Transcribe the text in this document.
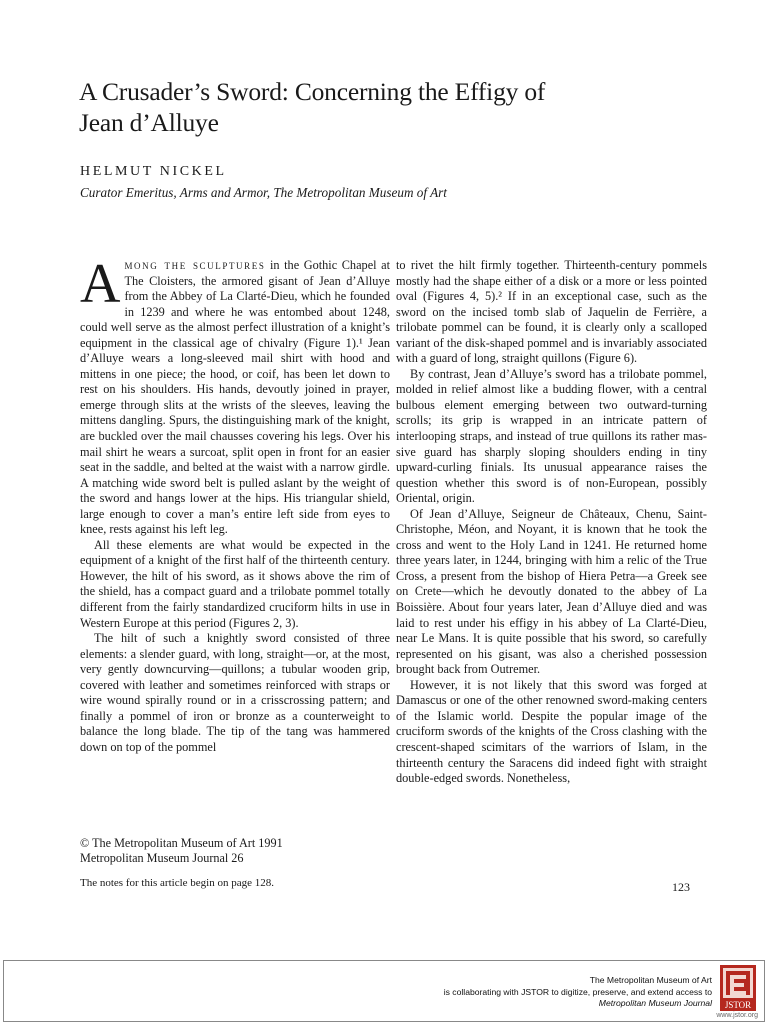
A Crusader’s Sword: Concerning the Effigy of
Jean d’Alluye

HELMUT NICKEL

Curator Emeritus, Arms and Armor, The Metropolitan Museum of Art

Among the sculptures in the Gothic Chapel at The Cloisters, the armored gisant of Jean d’Alluye from the Abbey of La Clarté-Dieu, which he founded in 1239 and where he was entombed about 1248, could well serve as the almost perfect illustration of a knight’s equipment in the classical age of chivalry (Figure 1).¹ Jean d’Alluye wears a long-sleeved mail shirt with hood and mittens in one piece; the hood, or coif, has been let down to rest on his shoulders. His hands, devoutly joined in prayer, emerge through slits at the wrists of the sleeves, leaving the mittens dangling. Spurs, the distinguishing mark of the knight, are buckled over the mail chausses covering his legs. Over his mail shirt he wears a surcoat, split open in front for an easier seat in the saddle, and belted at the waist with a narrow girdle. A matching wide sword belt is pulled aslant by the weight of the sword and hangs lower at the hips. His triangular shield, large enough to cover a man’s entire left side from eyes to knee, rests against his left leg.

All these elements are what would be expected in the equipment of a knight of the first half of the thirteenth century. However, the hilt of his sword, as it shows above the rim of the shield, has a compact guard and a trilobate pommel totally different from the fairly standardized cruciform hilts in use in Western Europe at this period (Figures 2, 3).

The hilt of such a knightly sword consisted of three elements: a slender guard, with long, straight—or, at the most, very gently downcurving—quillons; a tubular wooden grip, covered with leather and sometimes reinforced with straps or wire wound spirally round or in a crisscrossing pattern; and finally a pommel of iron or bronze as a counterweight to balance the long blade. The tip of the tang was hammered down on top of the pommel

to rivet the hilt firmly together. Thirteenth-century pommels mostly had the shape either of a disk or a more or less pointed oval (Figures 4, 5).² If in an exceptional case, such as the sword on the incised tomb slab of Jaquelin de Ferrière, a trilobate pommel can be found, it is clearly only a scalloped variant of the disk-shaped pommel and is invariably associated with a guard of long, straight quillons (Figure 6).

By contrast, Jean d’Alluye’s sword has a trilobate pommel, molded in relief almost like a budding flower, with a central bulbous element emerging between two outward-turning scrolls; its grip is wrapped in an intricate pattern of interlooping straps, and instead of true quillons its rather massive guard has sharply sloping shoulders ending in tiny upward-curling finials. Its unusual appearance raises the question whether this sword is of non-European, possibly Oriental, origin.

Of Jean d’Alluye, Seigneur de Châteaux, Chenu, Saint-Christophe, Méon, and Noyant, it is known that he took the cross and went to the Holy Land in 1241. He returned home three years later, in 1244, bringing with him a relic of the True Cross, a present from the bishop of Hiera Petra—a Greek see on Crete—which he devoutly donated to the abbey of La Boissière. About four years later, Jean d’Alluye died and was laid to rest under his effigy in his abbey of La Clarté-Dieu, near Le Mans. It is quite possible that his sword, so carefully represented on his gisant, was also a cherished possession brought back from Outremer.

However, it is not likely that this sword was forged at Damascus or one of the other renowned sword-making centers of the Islamic world. Despite the popular image of the cruciform swords of the knights of the Cross clashing with the crescent-shaped scimitars of the warriors of Islam, in the thirteenth century the Saracens did indeed fight with straight double-edged swords. Nonetheless,

© The Metropolitan Museum of Art 1991
Metropolitan Museum Journal 26

The notes for this article begin on page 128.	123

The Metropolitan Museum of Art
is collaborating with JSTOR to digitize, preserve, and extend access to
Metropolitan Museum Journal JSTOR
www.jstor.org
